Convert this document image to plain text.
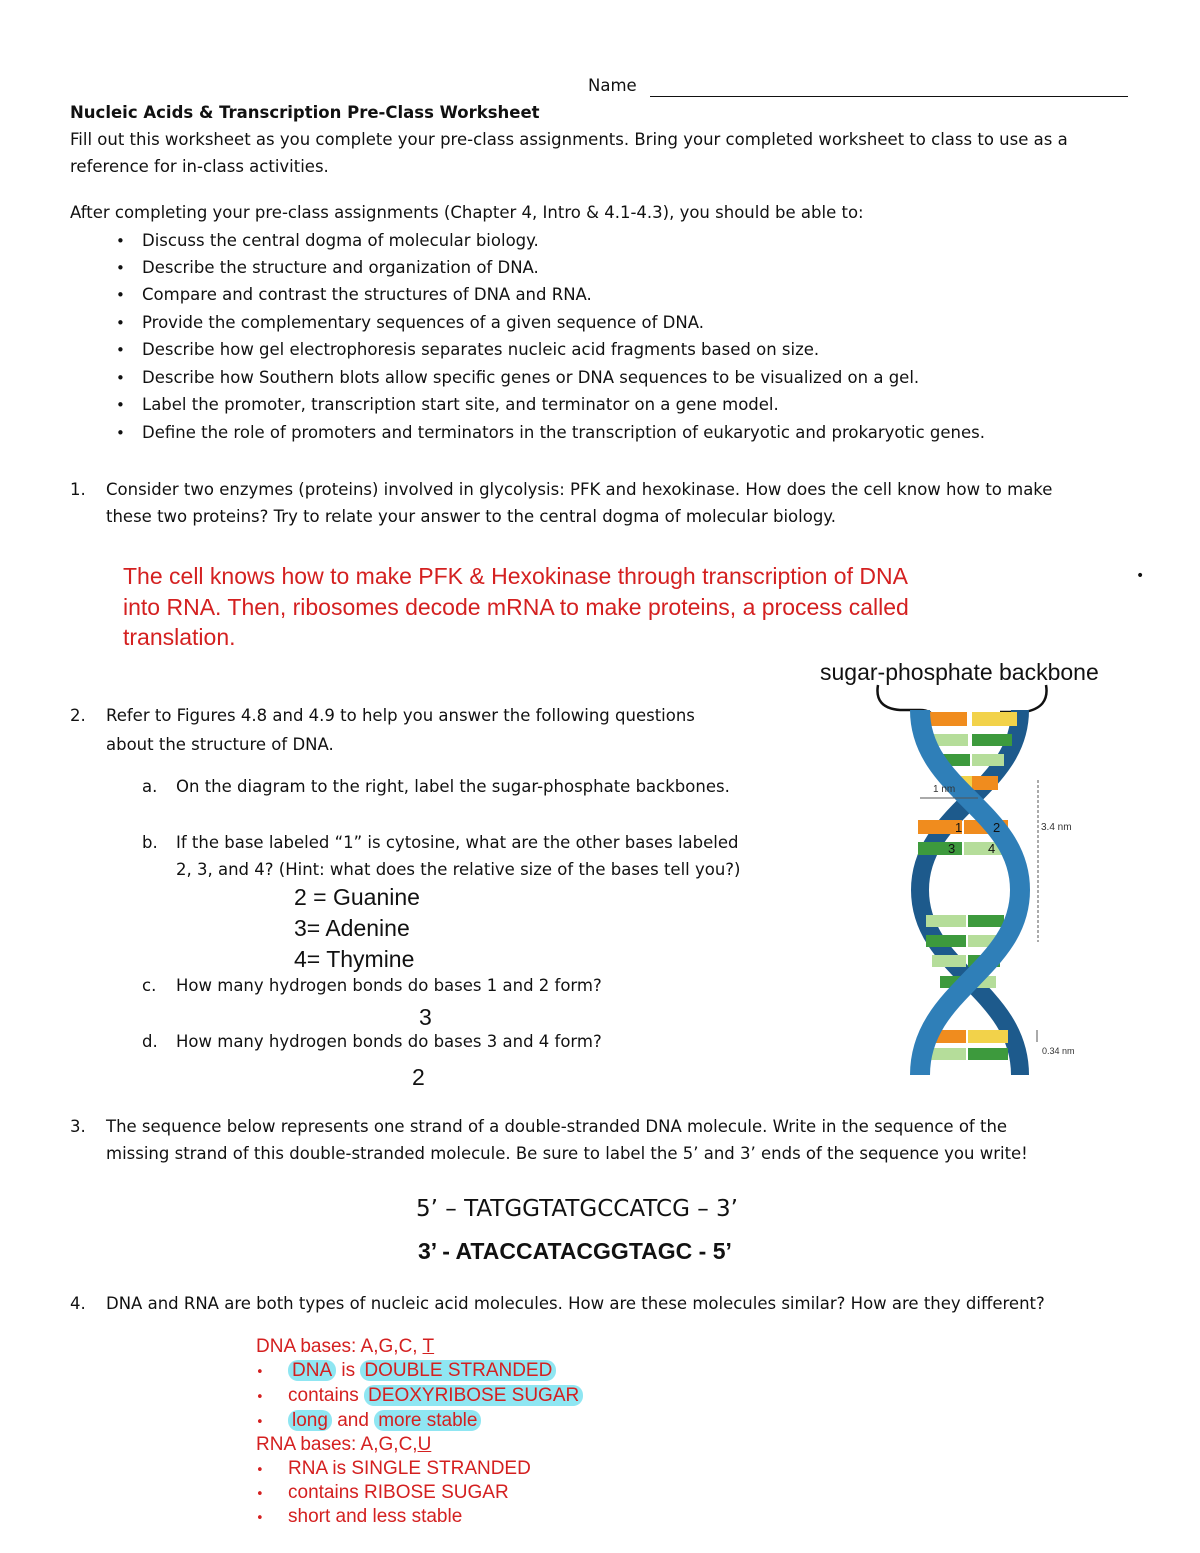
Name
Nucleic Acids & Transcription Pre-Class Worksheet
Fill out this worksheet as you complete your pre-class assignments. Bring your completed worksheet to class to use as a
reference for in-class activities.
After completing your pre-class assignments (Chapter 4, Intro & 4.1-4.3), you should be able to:
• Discuss the central dogma of molecular biology.
• Describe the structure and organization of DNA.
• Compare and contrast the structures of DNA and RNA.
• Provide the complementary sequences of a given sequence of DNA.
• Describe how gel electrophoresis separates nucleic acid fragments based on size.
• Describe how Southern blots allow specific genes or DNA sequences to be visualized on a gel.
• Label the promoter, transcription start site, and terminator on a gene model.
• Define the role of promoters and terminators in the transcription of eukaryotic and prokaryotic genes.
1. Consider two enzymes (proteins) involved in glycolysis: PFK and hexokinase. How does the cell know how to make
these two proteins? Try to relate your answer to the central dogma of molecular biology.
The cell knows how to make PFK & Hexokinase through transcription of DNA
into RNA. Then, ribosomes decode mRNA to make proteins, a process called
translation.
•
2. Refer to Figures 4.8 and 4.9 to help you answer the following questions
about the structure of DNA.
a. On the diagram to the right, label the sugar-phosphate backbones.
b. If the base labeled “1” is cytosine, what are the other bases labeled
2, 3, and 4? (Hint: what does the relative size of the bases tell you?)
2 = Guanine
3= Adenine
4= Thymine
c. How many hydrogen bonds do bases 1 and 2 form?
3
d. How many hydrogen bonds do bases 3 and 4 form?
2
sugar-phosphate backbone
1 2
3	4
1 nm
3.4 nm
0.34 nm
3. The sequence below represents one strand of a double-stranded DNA molecule. Write in the sequence of the
missing strand of this double-stranded molecule. Be sure to label the 5’ and 3’ ends of the sequence you write!
5’ – TATGGTATGCCATCG – 3’
3’ - ATACCATACGGTAGC - 5’
4. DNA and RNA are both types of nucleic acid molecules. How are these molecules similar? How are they different?
DNA bases: A,G,C, T
• DNA is DOUBLE STRANDED
• contains DEOXYRIBOSE SUGAR
• long and more stable
RNA bases: A,G,C,U
• RNA is SINGLE STRANDED
• contains RIBOSE SUGAR
• short and less stable
